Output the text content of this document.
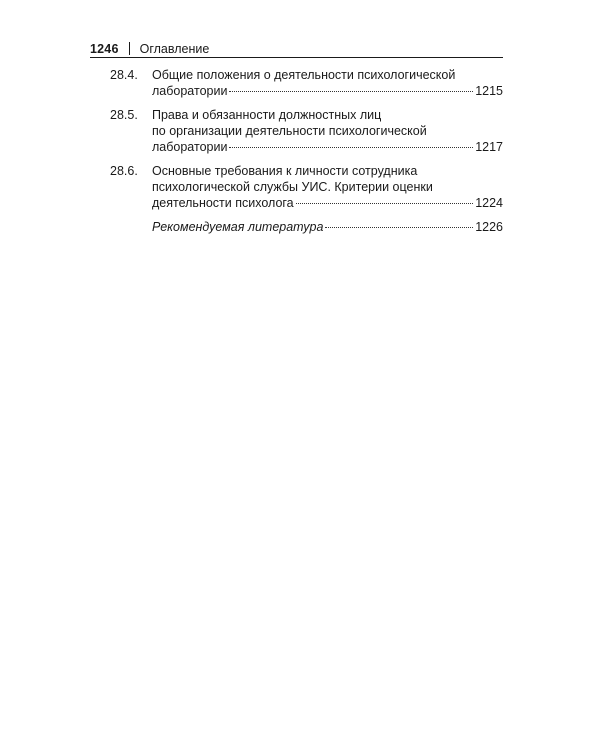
1246 Оглавление
28.4.	Общие положения о деятельности психологической
лаборатории	1215
28.5.	Права и обязанности должностных лиц
по организации деятельности психологической
лаборатории	1217
28.6.	Основные требования к личности сотрудника
психологической службы УИС. Критерии оценки
деятельности психолога	1224
Рекомендуемая литература	1226
